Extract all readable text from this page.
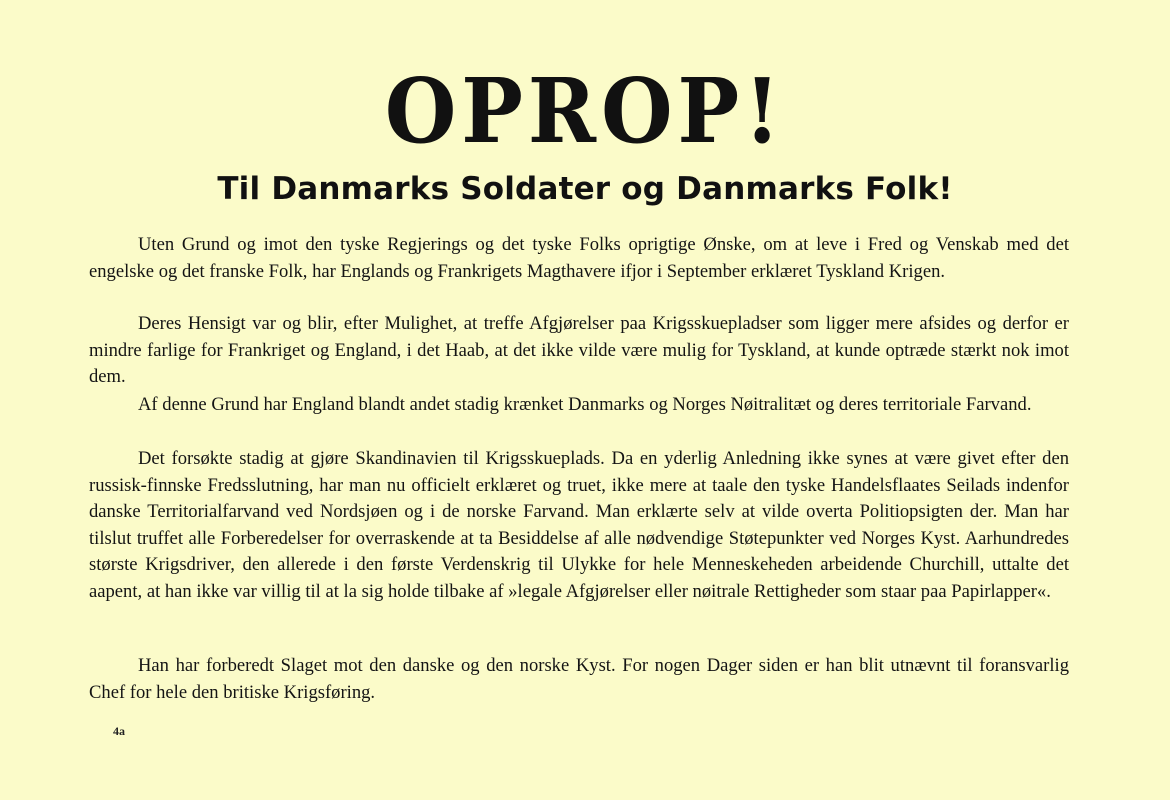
OPROP!
Til Danmarks Soldater og Danmarks Folk!

Uten Grund og imot den tyske Regjerings og det tyske Folks oprigtige Ønske, om at leve i Fred og Venskab med det engelske og det franske Folk, har Englands og Frankrigets Magthavere ifjor i September erklæret Tyskland Krigen.

Deres Hensigt var og blir, efter Mulighet, at treffe Afgjørelser paa Krigsskuepladser som ligger mere afsides og derfor er mindre farlige for Frankriget og England, i det Haab, at det ikke vilde være mulig for Tyskland, at kunde optræde stærkt nok imot dem.

Af denne Grund har England blandt andet stadig krænket Danmarks og Norges Nøitralitæt og deres territoriale Farvand.

Det forsøkte stadig at gjøre Skandinavien til Krigsskueplads. Da en yderlig Anledning ikke synes at være givet efter den russisk-finnske Fredsslutning, har man nu officielt erklæret og truet, ikke mere at taale den tyske Handelsflaates Seilads indenfor danske Territorialfarvand ved Nordsjøen og i de norske Farvand. Man erklærte selv at vilde overta Politiopsigten der. Man har tilslut truffet alle Forberedelser for overraskende at ta Besiddelse af alle nødvendige Støtepunkter ved Norges Kyst. Aarhundredes største Krigsdriver, den allerede i den første Verdenskrig til Ulykke for hele Menneskeheden arbeidende Churchill, uttalte det aapent, at han ikke var villig til at la sig holde tilbake af »legale Afgjørelser eller nøitrale Rettigheder som staar paa Papirlapper«.

Han har forberedt Slaget mot den danske og den norske Kyst. For nogen Dager siden er han blit utnævnt til foransvarlig Chef for hele den britiske Krigsføring.

4a
